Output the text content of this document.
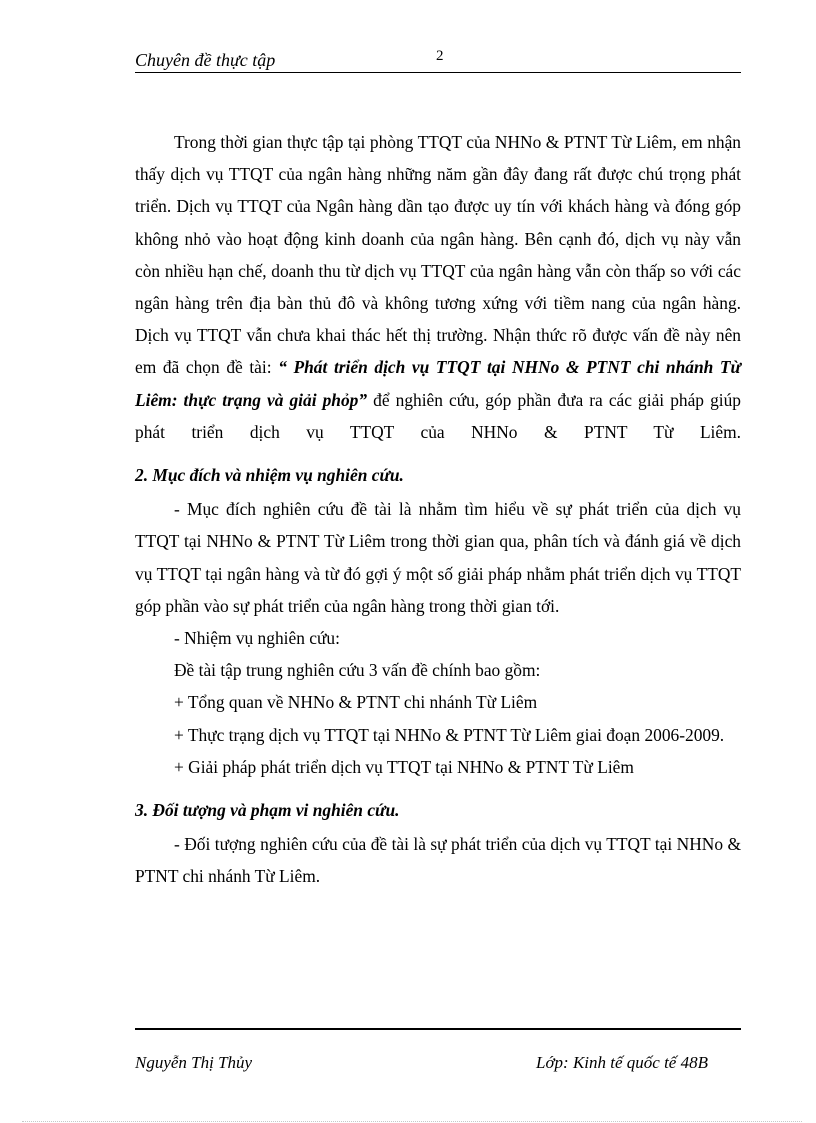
Chuyên đề thực tập	2

Trong thời gian thực tập tại phòng TTQT của NHNo & PTNT Từ Liêm, em nhận thấy dịch vụ TTQT của ngân hàng những năm gần đây đang rất được chú trọng phát triển. Dịch vụ TTQT của Ngân hàng dần tạo được uy tín với khách hàng và đóng góp không nhỏ vào hoạt động kinh doanh của ngân hàng. Bên cạnh đó, dịch vụ này vẫn còn nhiều hạn chế, doanh thu từ dịch vụ TTQT của ngân hàng vẫn còn thấp so với các ngân hàng trên địa bàn thủ đô và không tương xứng với tiềm nang của ngân hàng. Dịch vụ TTQT vẫn chưa khai thác hết thị trường. Nhận thức rõ được vấn đề này nên em đã chọn đề tài: “ Phát triển dịch vụ TTQT tại NHNo & PTNT chi nhánh Từ Liêm: thực trạng và giải phỏp” để nghiên cứu, góp phần đưa ra các giải pháp giúp phát triển dịch vụ TTQT của NHNo & PTNT Từ Liêm.

2. Mục đích và nhiệm vụ nghiên cứu.

- Mục đích nghiên cứu đề tài là nhằm tìm hiểu về sự phát triển của dịch vụ TTQT tại NHNo & PTNT Từ Liêm trong thời gian qua, phân tích và đánh giá về dịch vụ TTQT tại ngân hàng và từ đó gợi ý một số giải pháp nhằm phát triển dịch vụ TTQT góp phần vào sự phát triển của ngân hàng trong thời gian tới.

- Nhiệm vụ nghiên cứu:

Đề tài tập trung nghiên cứu 3 vấn đề chính bao gồm:

+ Tổng quan về NHNo & PTNT chi nhánh Từ Liêm

+ Thực trạng dịch vụ TTQT tại NHNo & PTNT Từ Liêm giai đoạn 2006-2009.

+ Giải pháp phát triển dịch vụ TTQT tại NHNo & PTNT Từ Liêm

3. Đối tượng và phạm vi nghiên cứu.

- Đối tượng nghiên cứu của đề tài là sự phát triển của dịch vụ TTQT tại NHNo & PTNT chi nhánh Từ Liêm.

Nguyễn Thị Thủy	Lớp: Kinh tế quốc tế 48B
